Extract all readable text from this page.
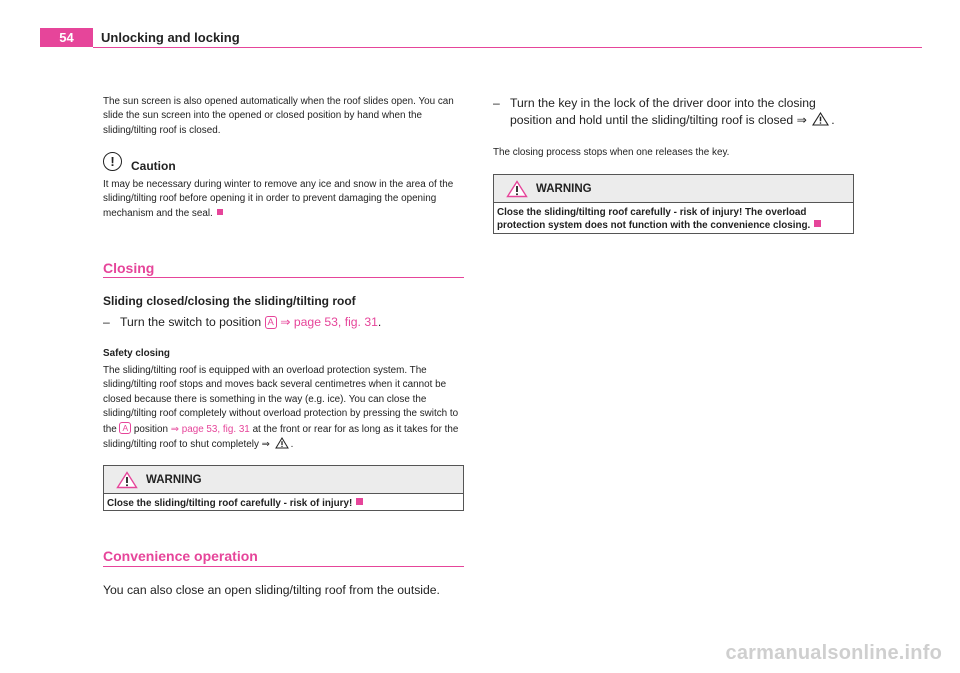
54	Unlocking and locking

The sun screen is also opened automatically when the roof slides open. You can slide the sun screen into the opened or closed position by hand when the sliding/tilting roof is closed.

!	Caution

It may be necessary during winter to remove any ice and snow in the area of the sliding/tilting roof before opening it in order to prevent damaging the opening mechanism and the seal.

Closing
Sliding closed/closing the sliding/tilting roof

– Turn the switch to position A ⇒ page 53, fig. 31.

Safety closing

The sliding/tilting roof is equipped with an overload protection system. The sliding/tilting roof stops and moves back several centimetres when it cannot be closed because there is something in the way (e.g. ice). You can close the sliding/tilting roof completely without overload protection by pressing the switch to the A position ⇒ page 53, fig. 31 at the front or rear for as long as it takes for the sliding/tilting roof to shut completely ⇒ .

WARNING
Close the sliding/tilting roof carefully - risk of injury!
Convenience operation

You can also close an open sliding/tilting roof from the outside.

– Turn the key in the lock of the driver door into the closing position and hold until the sliding/tilting roof is closed ⇒ .

The closing process stops when one releases the key.

WARNING
Close the sliding/tilting roof carefully - risk of injury! The overload protection system does not function with the convenience closing.
carmanualsonline.info
